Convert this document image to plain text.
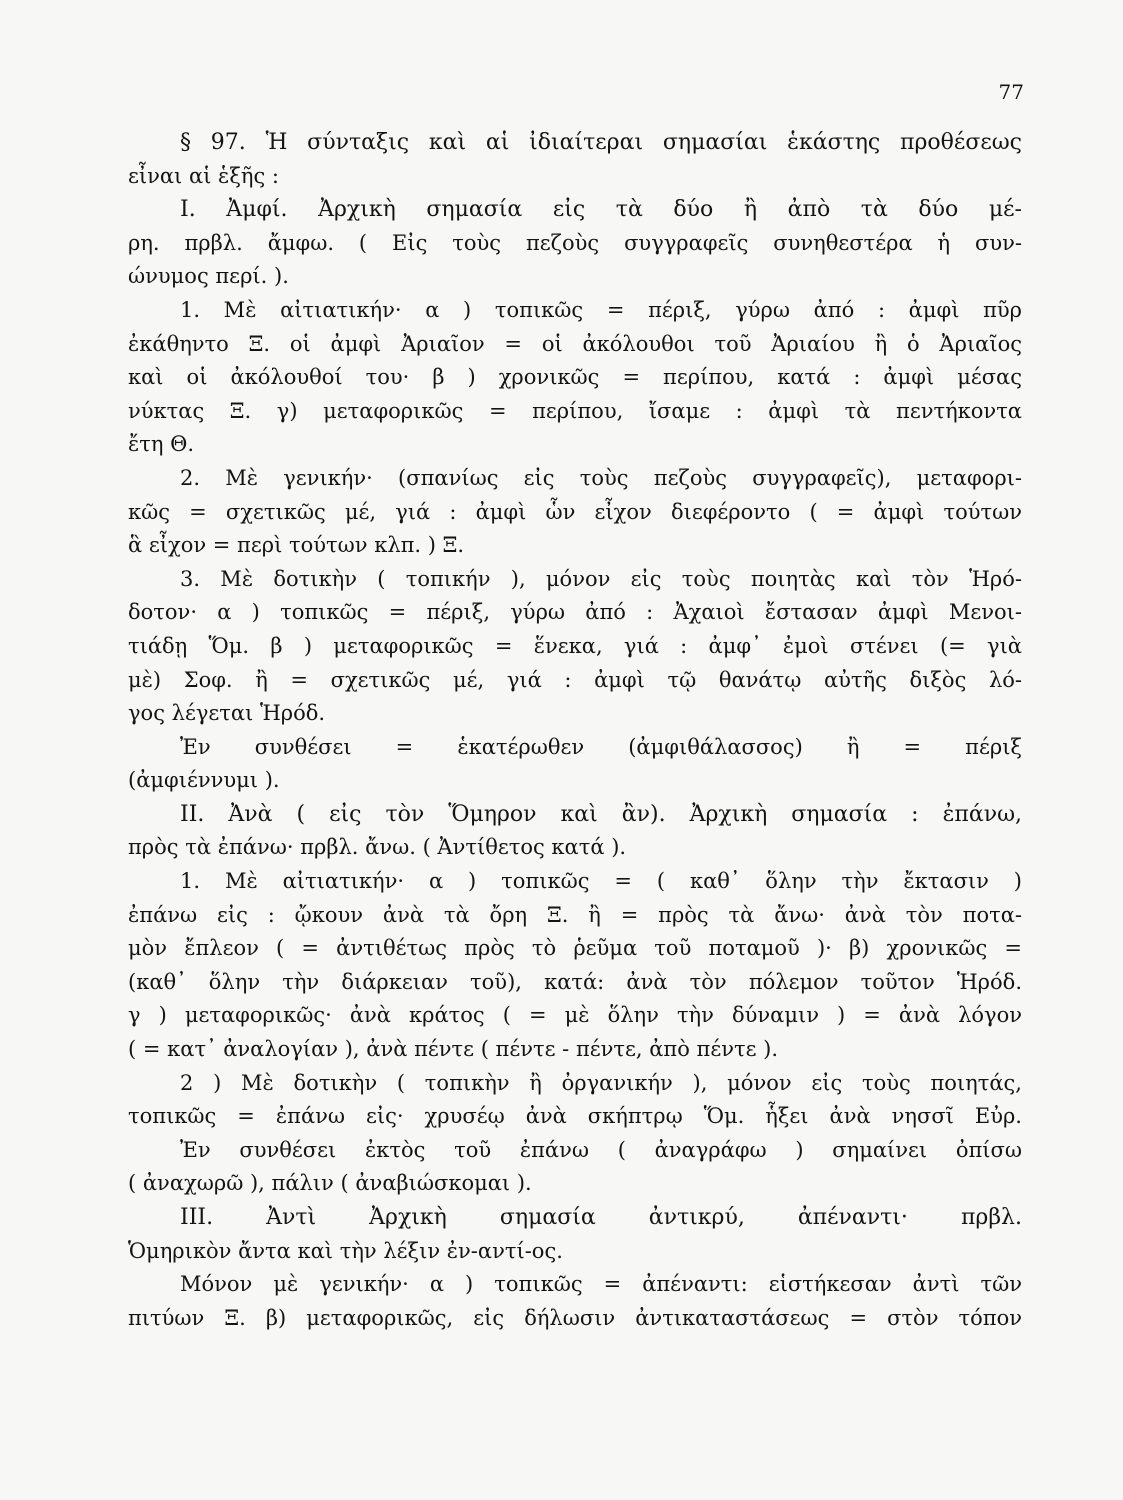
77
§ 97. Ἡ σύνταξις καὶ αἱ ἰδιαίτεραι σημασίαι ἑκάστης προθέσεως
εἶναι αἱ ἑξῆς :
I. Ἀμφί. Ἀρχικὴ σημασία εἰς τὰ δύο ἢ ἀπὸ τὰ δύο μέ-
ρη. πρβλ. ἄμφω. ( Εἰς τοὺς πεζοὺς συγγραφεῖς συνηθεστέρα ἡ συν-
ώνυμος περί. ).
1. Μὲ αἰτιατικήν· α ) τοπικῶς = πέριξ, γύρω ἀπό : ἀμφὶ πῦρ
ἐκάθηντο Ξ. οἱ ἀμφὶ Ἀριαῖον = οἱ ἀκόλουθοι τοῦ Ἀριαίου ἢ ὁ Ἀριαῖος
καὶ οἱ ἀκόλουθοί του· β ) χρονικῶς = περίπου, κατά : ἀμφὶ μέσας
νύκτας Ξ. γ) μεταφορικῶς = περίπου, ἴσαμε : ἀμφὶ τὰ πεντήκοντα
ἔτη Θ.
2. Μὲ γενικήν· (σπανίως εἰς τοὺς πεζοὺς συγγραφεῖς), μεταφορι-
κῶς = σχετικῶς μέ, γιά : ἀμφὶ ὧν εἶχον διεφέροντο ( = ἀμφὶ τούτων
ἃ εἶχον = περὶ τούτων κλπ. ) Ξ.
3. Μὲ δοτικὴν ( τοπικήν ), μόνον εἰς τοὺς ποιητὰς καὶ τὸν Ἡρό-
δοτον· α ) τοπικῶς = πέριξ, γύρω ἀπό : Ἀχαιοὶ ἔστασαν ἀμφὶ Μενοι-
τιάδῃ Ὅμ. β ) μεταφορικῶς = ἕνεκα, γιά : ἀμφ᾽ ἐμοὶ στένει (= γιὰ
μὲ) Σοφ. ἢ = σχετικῶς μέ, γιά : ἀμφὶ τῷ θανάτῳ αὐτῆς διξὸς λό-
γος λέγεται Ἡρόδ.
Ἐν συνθέσει = ἑκατέρωθεν (ἀμφιθάλασσος) ἢ = πέριξ
(ἀμφιέννυμι ).
II. Ἀνὰ ( εἰς τὸν Ὅμηρον καὶ ἂν). Ἀρχικὴ σημασία : ἐπάνω,
πρὸς τὰ ἐπάνω· πρβλ. ἄνω. ( Ἀντίθετος κατά ).
1. Μὲ αἰτιατικήν· α ) τοπικῶς = ( καθ᾽ ὅλην τὴν ἔκτασιν )
ἐπάνω εἰς : ᾤκουν ἀνὰ τὰ ὄρη Ξ. ἢ = πρὸς τὰ ἄνω· ἀνὰ τὸν ποτα-
μὸν ἔπλεον ( = ἀντιθέτως πρὸς τὸ ῥεῦμα τοῦ ποταμοῦ )· β) χρονικῶς =
(καθ᾽ ὅλην τὴν διάρκειαν τοῦ), κατά: ἀνὰ τὸν πόλεμον τοῦτον Ἡρόδ.
γ ) μεταφορικῶς· ἀνὰ κράτος ( = μὲ ὅλην τὴν δύναμιν ) = ἀνὰ λόγον
( = κατ᾽ ἀναλογίαν ), ἀνὰ πέντε ( πέντε - πέντε, ἀπὸ πέντε ).
2 ) Μὲ δοτικὴν ( τοπικὴν ἢ ὀργανικήν ), μόνον εἰς τοὺς ποιητάς,
τοπικῶς = ἐπάνω εἰς· χρυσέῳ ἀνὰ σκήπτρῳ Ὅμ. ἧξει ἀνὰ νησσῖ Εὐρ.
Ἐν συνθέσει ἐκτὸς τοῦ ἐπάνω ( ἀναγράφω ) σημαίνει ὀπίσω
( ἀναχωρῶ ), πάλιν ( ἀναβιώσκομαι ).
III. Ἀντὶ Ἀρχικὴ σημασία ἀντικρύ, ἀπέναντι· πρβλ.
Ὁμηρικὸν ἄντα καὶ τὴν λέξιν ἐν-αντί-ος.
Μόνον μὲ γενικήν· α ) τοπικῶς = ἀπέναντι: εἱστήκεσαν ἀντὶ τῶν
πιτύων Ξ. β) μεταφορικῶς, εἰς δήλωσιν ἀντικαταστάσεως = στὸν τόπον
